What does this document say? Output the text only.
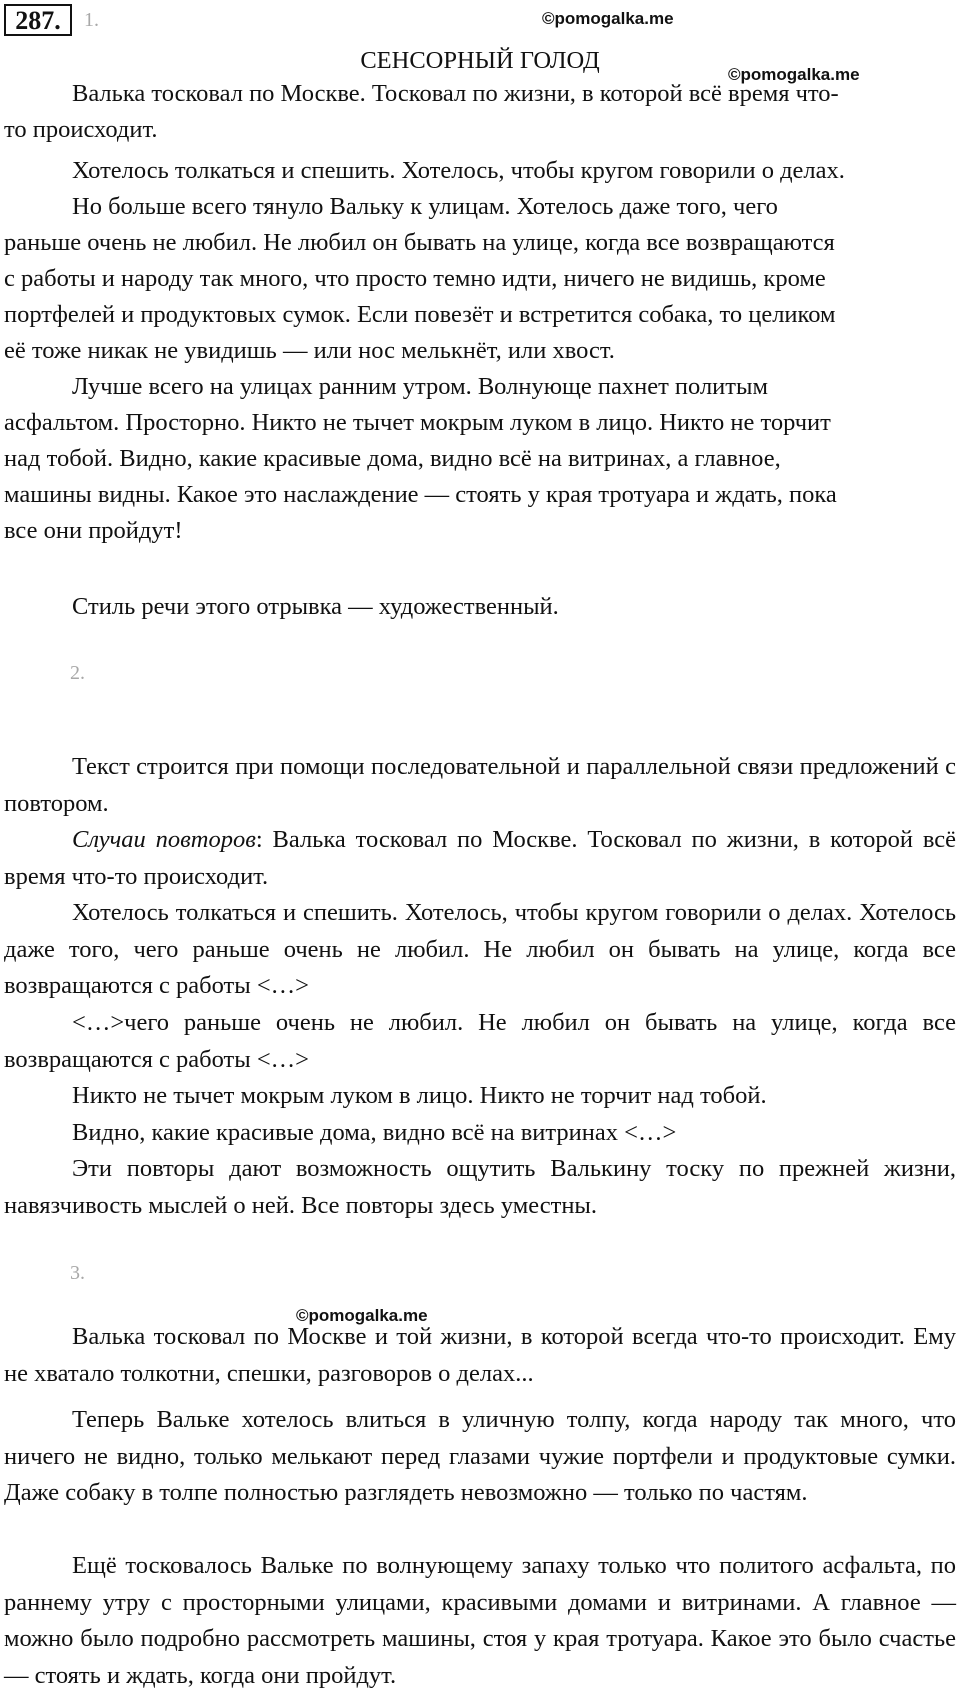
287.	1.	©pomogalka.me
СЕНСОРНЫЙ ГОЛОД
©pomogalka.me
Валька тосковал по Москве. Тосковал по жизни, в которой всё время что-
то происходит.
Хотелось толкаться и спешить. Хотелось, чтобы кругом говорили о делах.
Но больше всего тянуло Вальку к улицам. Хотелось даже того, чего
раньше очень не любил. Не любил он бывать на улице, когда все возвращаются
с работы и народу так много, что просто темно идти, ничего не видишь, кроме
портфелей и продуктовых сумок. Если повезёт и встретится собака, то целиком
её тоже никак не увидишь — или нос мелькнёт, или хвост.
Лучше всего на улицах ранним утром. Волнующе пахнет политым
асфальтом. Просторно. Никто не тычет мокрым луком в лицо. Никто не торчит
над тобой. Видно, какие красивые дома, видно всё на витринах, а главное,
машины видны. Какое это наслаждение — стоять у края тротуара и ждать, пока
все они пройдут!
Стиль речи этого отрывка — художественный.
2.
Текст строится при помощи последовательной и параллельной связи предложений с повтором.
Случаи повторов: Валька тосковал по Москве. Тосковал по жизни, в которой всё время что-то происходит.
Хотелось толкаться и спешить. Хотелось, чтобы кругом говорили о делах. Хотелось даже того, чего раньше очень не любил. Не любил он бывать на улице, когда все возвращаются с работы <…>
<…>чего раньше очень не любил. Не любил он бывать на улице, когда все возвращаются с работы <…>
Никто не тычет мокрым луком в лицо. Никто не торчит над тобой.
Видно, какие красивые дома, видно всё на витринах <…>
Эти повторы дают возможность ощутить Валькину тоску по прежней жизни, навязчивость мыслей о ней. Все повторы здесь уместны.
3.
©pomogalka.me
Валька тосковал по Москве и той жизни, в которой всегда что-то происходит. Ему не хватало толкотни, спешки, разговоров о делах...
Теперь Вальке хотелось влиться в уличную толпу, когда народу так много, что ничего не видно, только мелькают перед глазами чужие портфели и продуктовые сумки. Даже собаку в толпе полностью разглядеть невозможно — только по частям.
Ещё тосковалось Вальке по волнующему запаху только что политого асфальта, по раннему утру с просторными улицами, красивыми домами и витринами. А главное — можно было подробно рассмотреть машины, стоя у края тротуара. Какое это было счастье — стоять и ждать, когда они пройдут.
